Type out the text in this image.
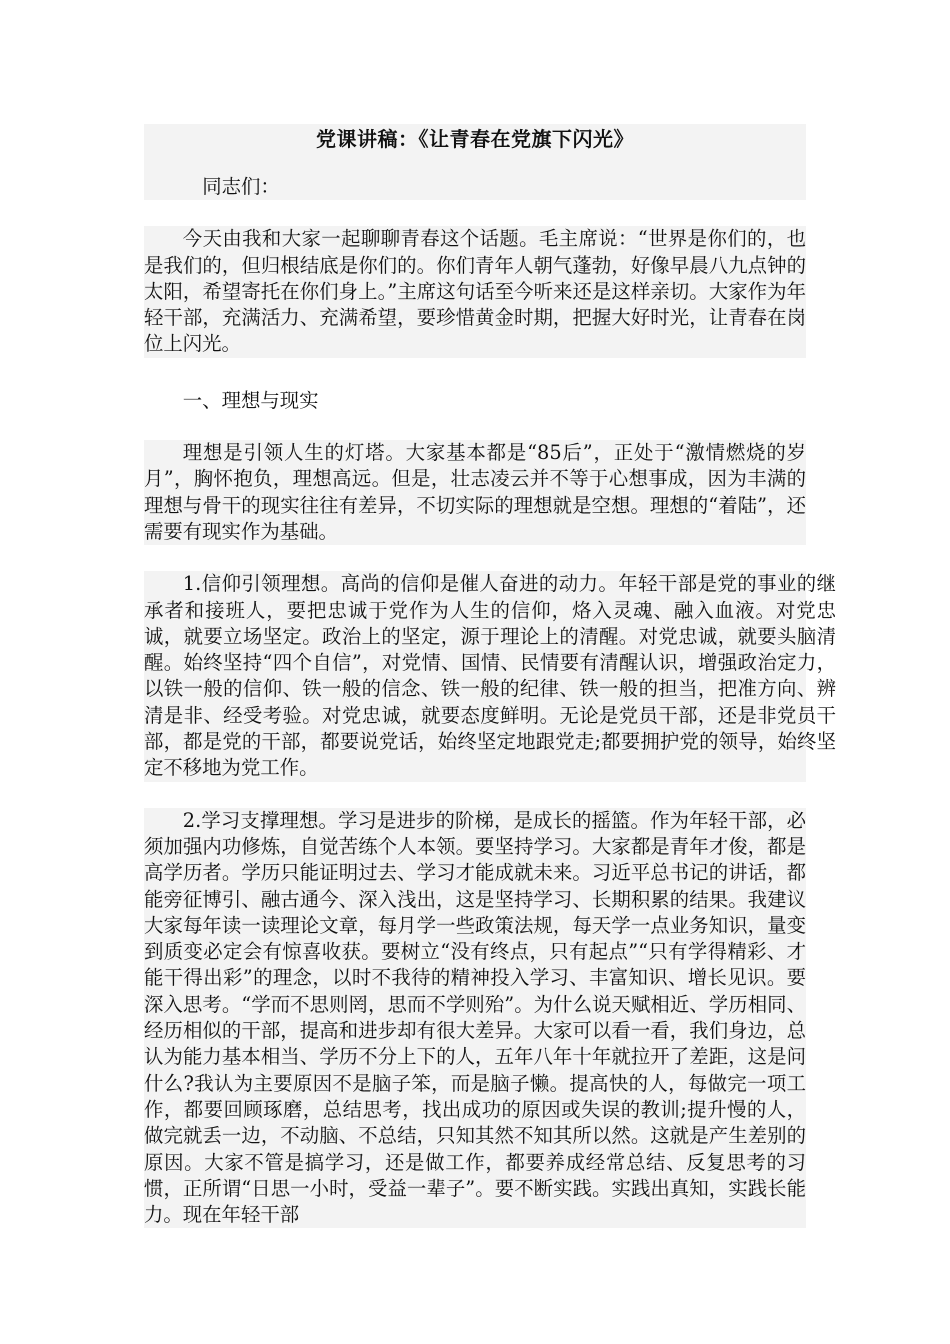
党课讲稿：《让青春在党旗下闪光》

同志们：

今天由我和大家一起聊聊青春这个话题。毛主席说：“世界是你们的，也是我们的，但归根结底是你们的。你们青年人朝气蓬勃，好像早晨八九点钟的太阳，希望寄托在你们身上。”主席这句话至今听来还是这样亲切。大家作为年轻干部，充满活力、充满希望，要珍惜黄金时期，把握大好时光，让青春在岗位上闪光。

一、理想与现实

理想是引领人生的灯塔。大家基本都是“85后”，正处于“激情燃烧的岁月”，胸怀抱负，理想高远。但是，壮志凌云并不等于心想事成，因为丰满的理想与骨干的现实往往有差异，不切实际的理想就是空想。理想的“着陆”，还需要有现实作为基础。

1.信仰引领理想。高尚的信仰是催人奋进的动力。年轻干部是党的事业的继承者和接班人，要把忠诚于党作为人生的信仰，烙入灵魂、融入血液。对党忠诚，就要立场坚定。政治上的坚定，源于理论上的清醒。对党忠诚，就要头脑清醒。始终坚持“四个自信”，对党情、国情、民情要有清醒认识，增强政治定力，以铁一般的信仰、铁一般的信念、铁一般的纪律、铁一般的担当，把准方向、辨清是非、经受考验。对党忠诚，就要态度鲜明。无论是党员干部，还是非党员干部，都是党的干部，都要说党话，始终坚定地跟党走;都要拥护党的领导，始终坚定不移地为党工作。

2.学习支撑理想。学习是进步的阶梯，是成长的摇篮。作为年轻干部，必须加强内功修炼，自觉苦练个人本领。要坚持学习。大家都是青年才俊，都是高学历者。学历只能证明过去、学习才能成就未来。习近平总书记的讲话，都能旁征博引、融古通今、深入浅出，这是坚持学习、长期积累的结果。我建议大家每年读一读理论文章，每月学一些政策法规，每天学一点业务知识，量变到质变必定会有惊喜收获。要树立“没有终点，只有起点”“只有学得精彩、才能干得出彩”的理念，以时不我待的精神投入学习、丰富知识、增长见识。要深入思考。“学而不思则罔，思而不学则殆”。为什么说天赋相近、学历相同、经历相似的干部，提高和进步却有很大差异。大家可以看一看，我们身边，总认为能力基本相当、学历不分上下的人，五年八年十年就拉开了差距，这是问什么?我认为主要原因不是脑子笨，而是脑子懒。提高快的人，每做完一项工作，都要回顾琢磨，总结思考，找出成功的原因或失误的教训;提升慢的人，做完就丢一边，不动脑、不总结，只知其然不知其所以然。这就是产生差别的原因。大家不管是搞学习，还是做工作，都要养成经常总结、反复思考的习惯，正所谓“日思一小时，受益一辈子”。要不断实践。实践出真知，实践长能力。现在年轻干部
